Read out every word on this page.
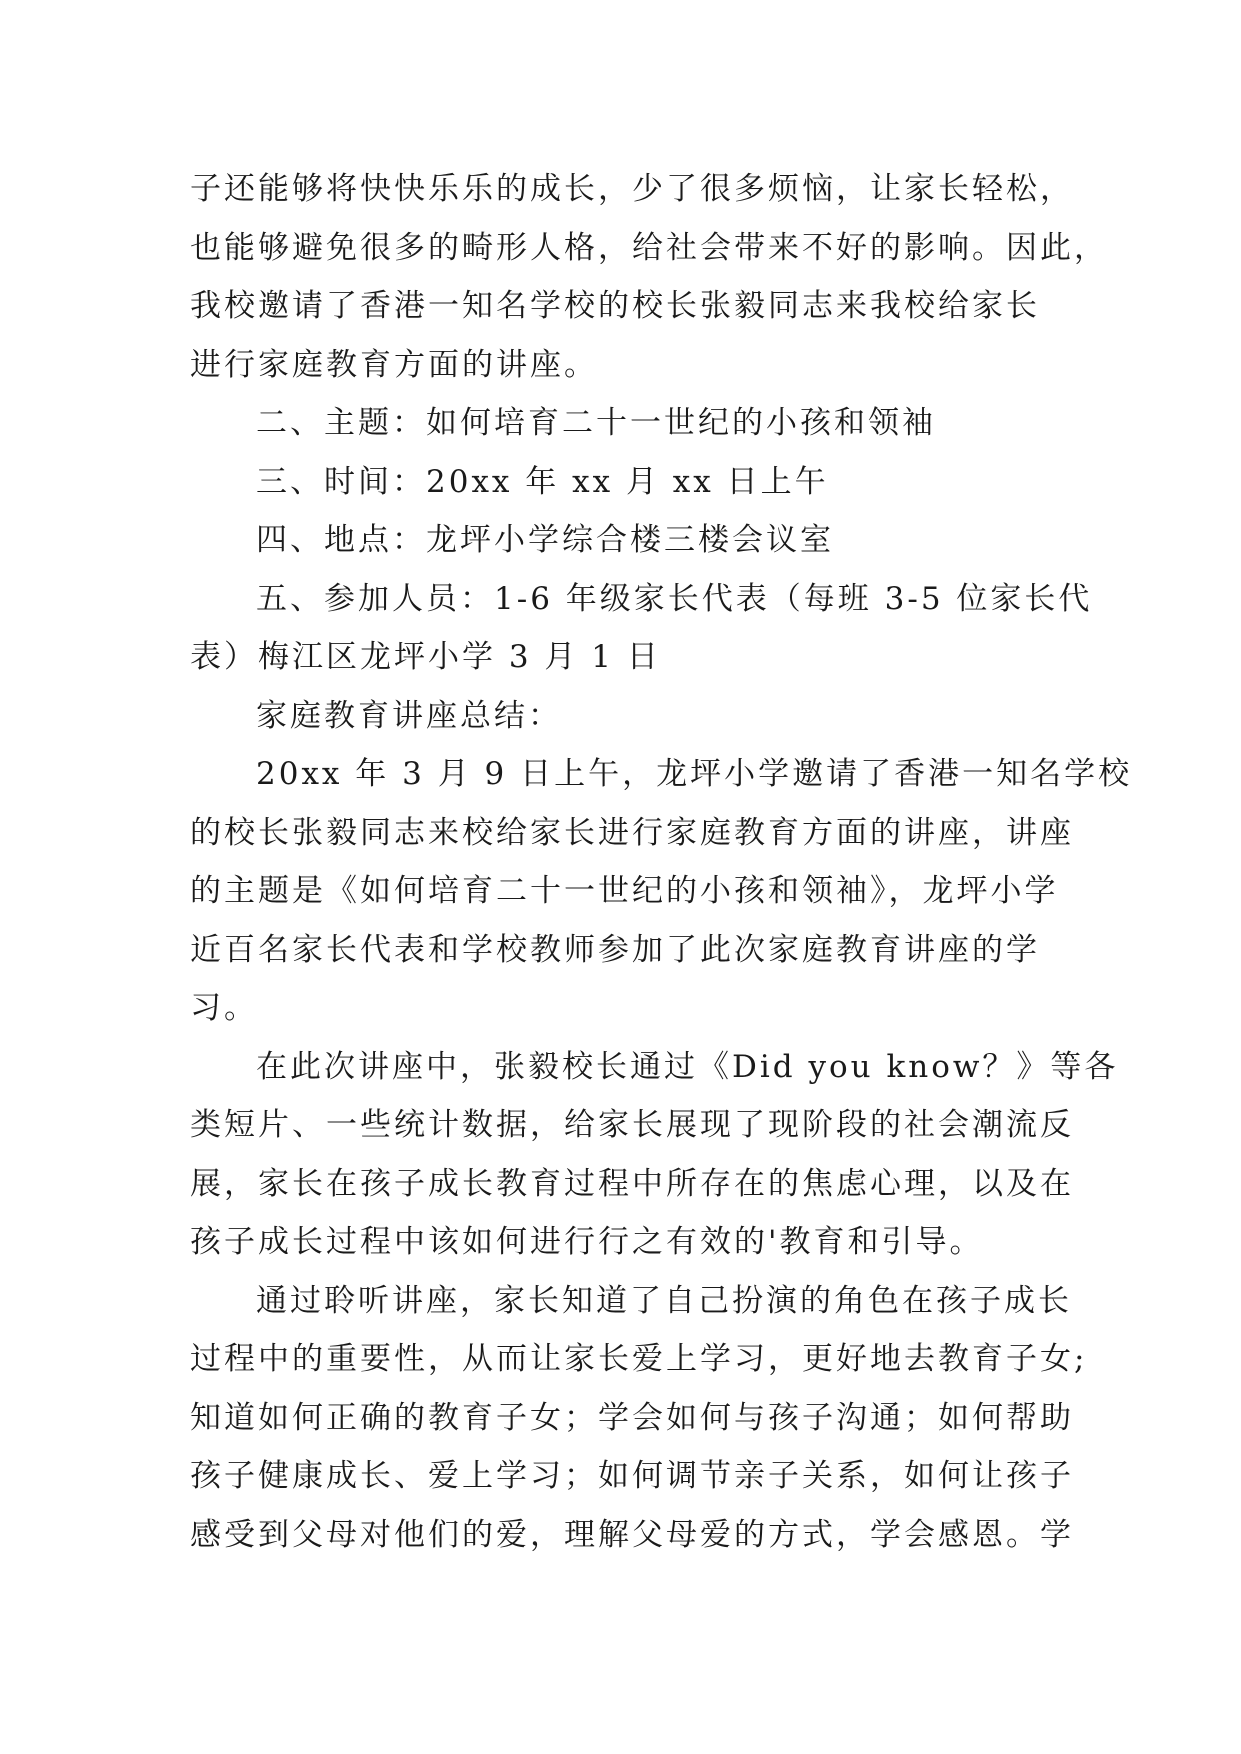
子还能够将快快乐乐的成长，少了很多烦恼，让家长轻松，
也能够避免很多的畸形人格，给社会带来不好的影响。因此，
我校邀请了香港一知名学校的校长张毅同志来我校给家长
进行家庭教育方面的讲座。
二、主题：如何培育二十一世纪的小孩和领袖
三、时间：20xx 年 xx 月 xx 日上午
四、地点：龙坪小学综合楼三楼会议室
五、参加人员：1-6 年级家长代表（每班 3-5 位家长代
表）梅江区龙坪小学 3 月 1 日
家庭教育讲座总结：
20xx 年 3 月 9 日上午，龙坪小学邀请了香港一知名学校
的校长张毅同志来校给家长进行家庭教育方面的讲座，讲座
的主题是《如何培育二十一世纪的小孩和领袖》，龙坪小学
近百名家长代表和学校教师参加了此次家庭教育讲座的学
习。
在此次讲座中，张毅校长通过《Did you know？》等各
类短片、一些统计数据，给家长展现了现阶段的社会潮流反
展，家长在孩子成长教育过程中所存在的焦虑心理，以及在
孩子成长过程中该如何进行行之有效的'教育和引导。
通过聆听讲座，家长知道了自己扮演的角色在孩子成长
过程中的重要性，从而让家长爱上学习，更好地去教育子女;
知道如何正确的教育子女；学会如何与孩子沟通；如何帮助
孩子健康成长、爱上学习；如何调节亲子关系，如何让孩子
感受到父母对他们的爱，理解父母爱的方式，学会感恩。学
